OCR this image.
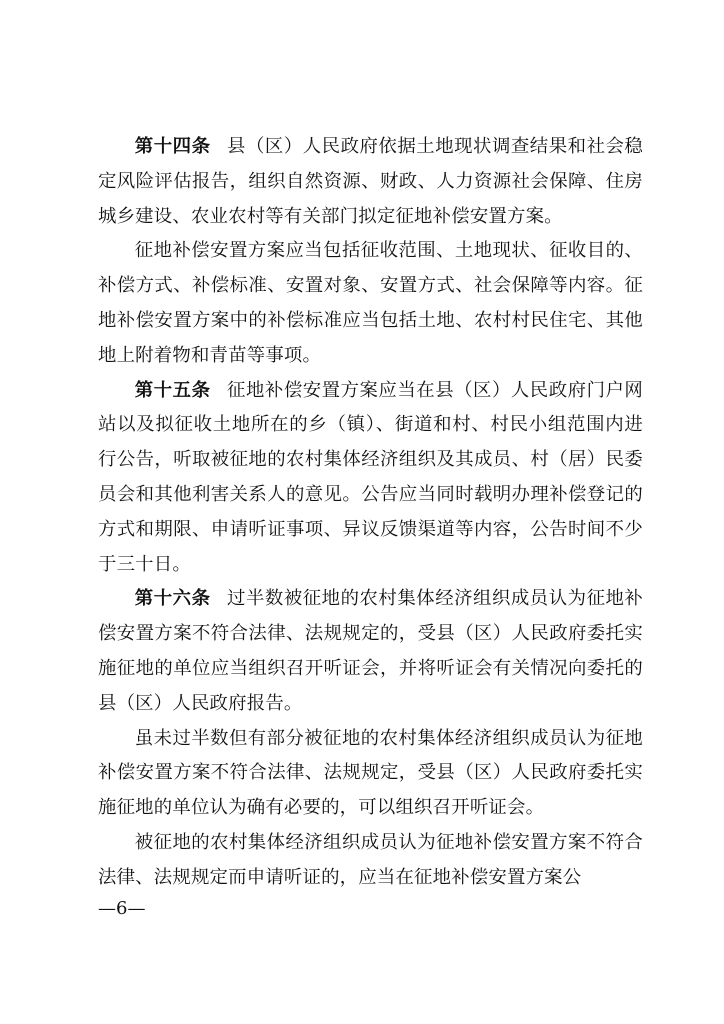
第十四条 县（区）人民政府依据土地现状调查结果和社会稳定风险评估报告，组织自然资源、财政、人力资源社会保障、住房城乡建设、农业农村等有关部门拟定征地补偿安置方案。

征地补偿安置方案应当包括征收范围、土地现状、征收目的、补偿方式、补偿标准、安置对象、安置方式、社会保障等内容。征地补偿安置方案中的补偿标准应当包括土地、农村村民住宅、其他地上附着物和青苗等事项。

第十五条 征地补偿安置方案应当在县（区）人民政府门户网站以及拟征收土地所在的乡（镇）、街道和村、村民小组范围内进行公告，听取被征地的农村集体经济组织及其成员、村（居）民委员会和其他利害关系人的意见。公告应当同时载明办理补偿登记的方式和期限、申请听证事项、异议反馈渠道等内容，公告时间不少于三十日。

第十六条 过半数被征地的农村集体经济组织成员认为征地补偿安置方案不符合法律、法规规定的，受县（区）人民政府委托实施征地的单位应当组织召开听证会，并将听证会有关情况向委托的县（区）人民政府报告。

虽未过半数但有部分被征地的农村集体经济组织成员认为征地补偿安置方案不符合法律、法规规定，受县（区）人民政府委托实施征地的单位认为确有必要的，可以组织召开听证会。

被征地的农村集体经济组织成员认为征地补偿安置方案不符合法律、法规规定而申请听证的，应当在征地补偿安置方案公

—6—
